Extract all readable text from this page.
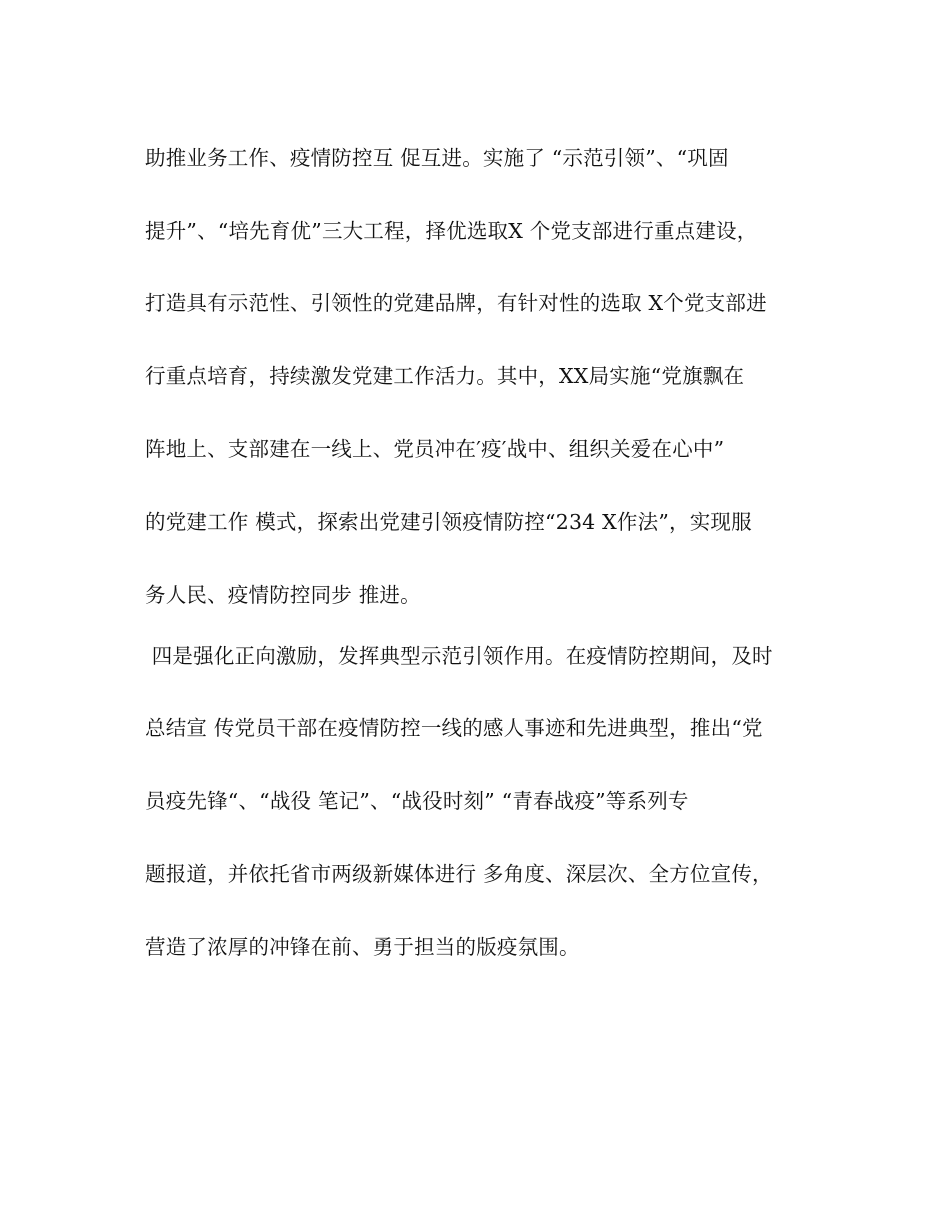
助推业务工作、疫情防控互 促互进。实施了 “示范引领”、“巩固
提升”、“培先育优”三大工程，择优选取X 个党支部进行重点建设，
打造具有示范性、引领性的党建品牌，有针对性的选取 X个党支部进
行重点培育，持续激发党建工作活力。其中，XX局实施“党旗飘在
阵地上、支部建在一线上、党员冲在′疫′战中、组织关爱在心中”
的党建工作 模式，探索出党建引领疫情防控“234 X作法”，实现服
务人民、疫情防控同步 推进。
四是强化正向激励，发挥典型示范引领作用。在疫情防控期间，及时
总结宣 传党员干部在疫情防控一线的感人事迹和先进典型，推出“党
员疫先锋“、“战役 笔记”、“战役时刻” “青春战疫”等系列专
题报道，并依托省市两级新媒体进行 多角度、深层次、全方位宣传，
营造了浓厚的冲锋在前、勇于担当的版疫氛围。
